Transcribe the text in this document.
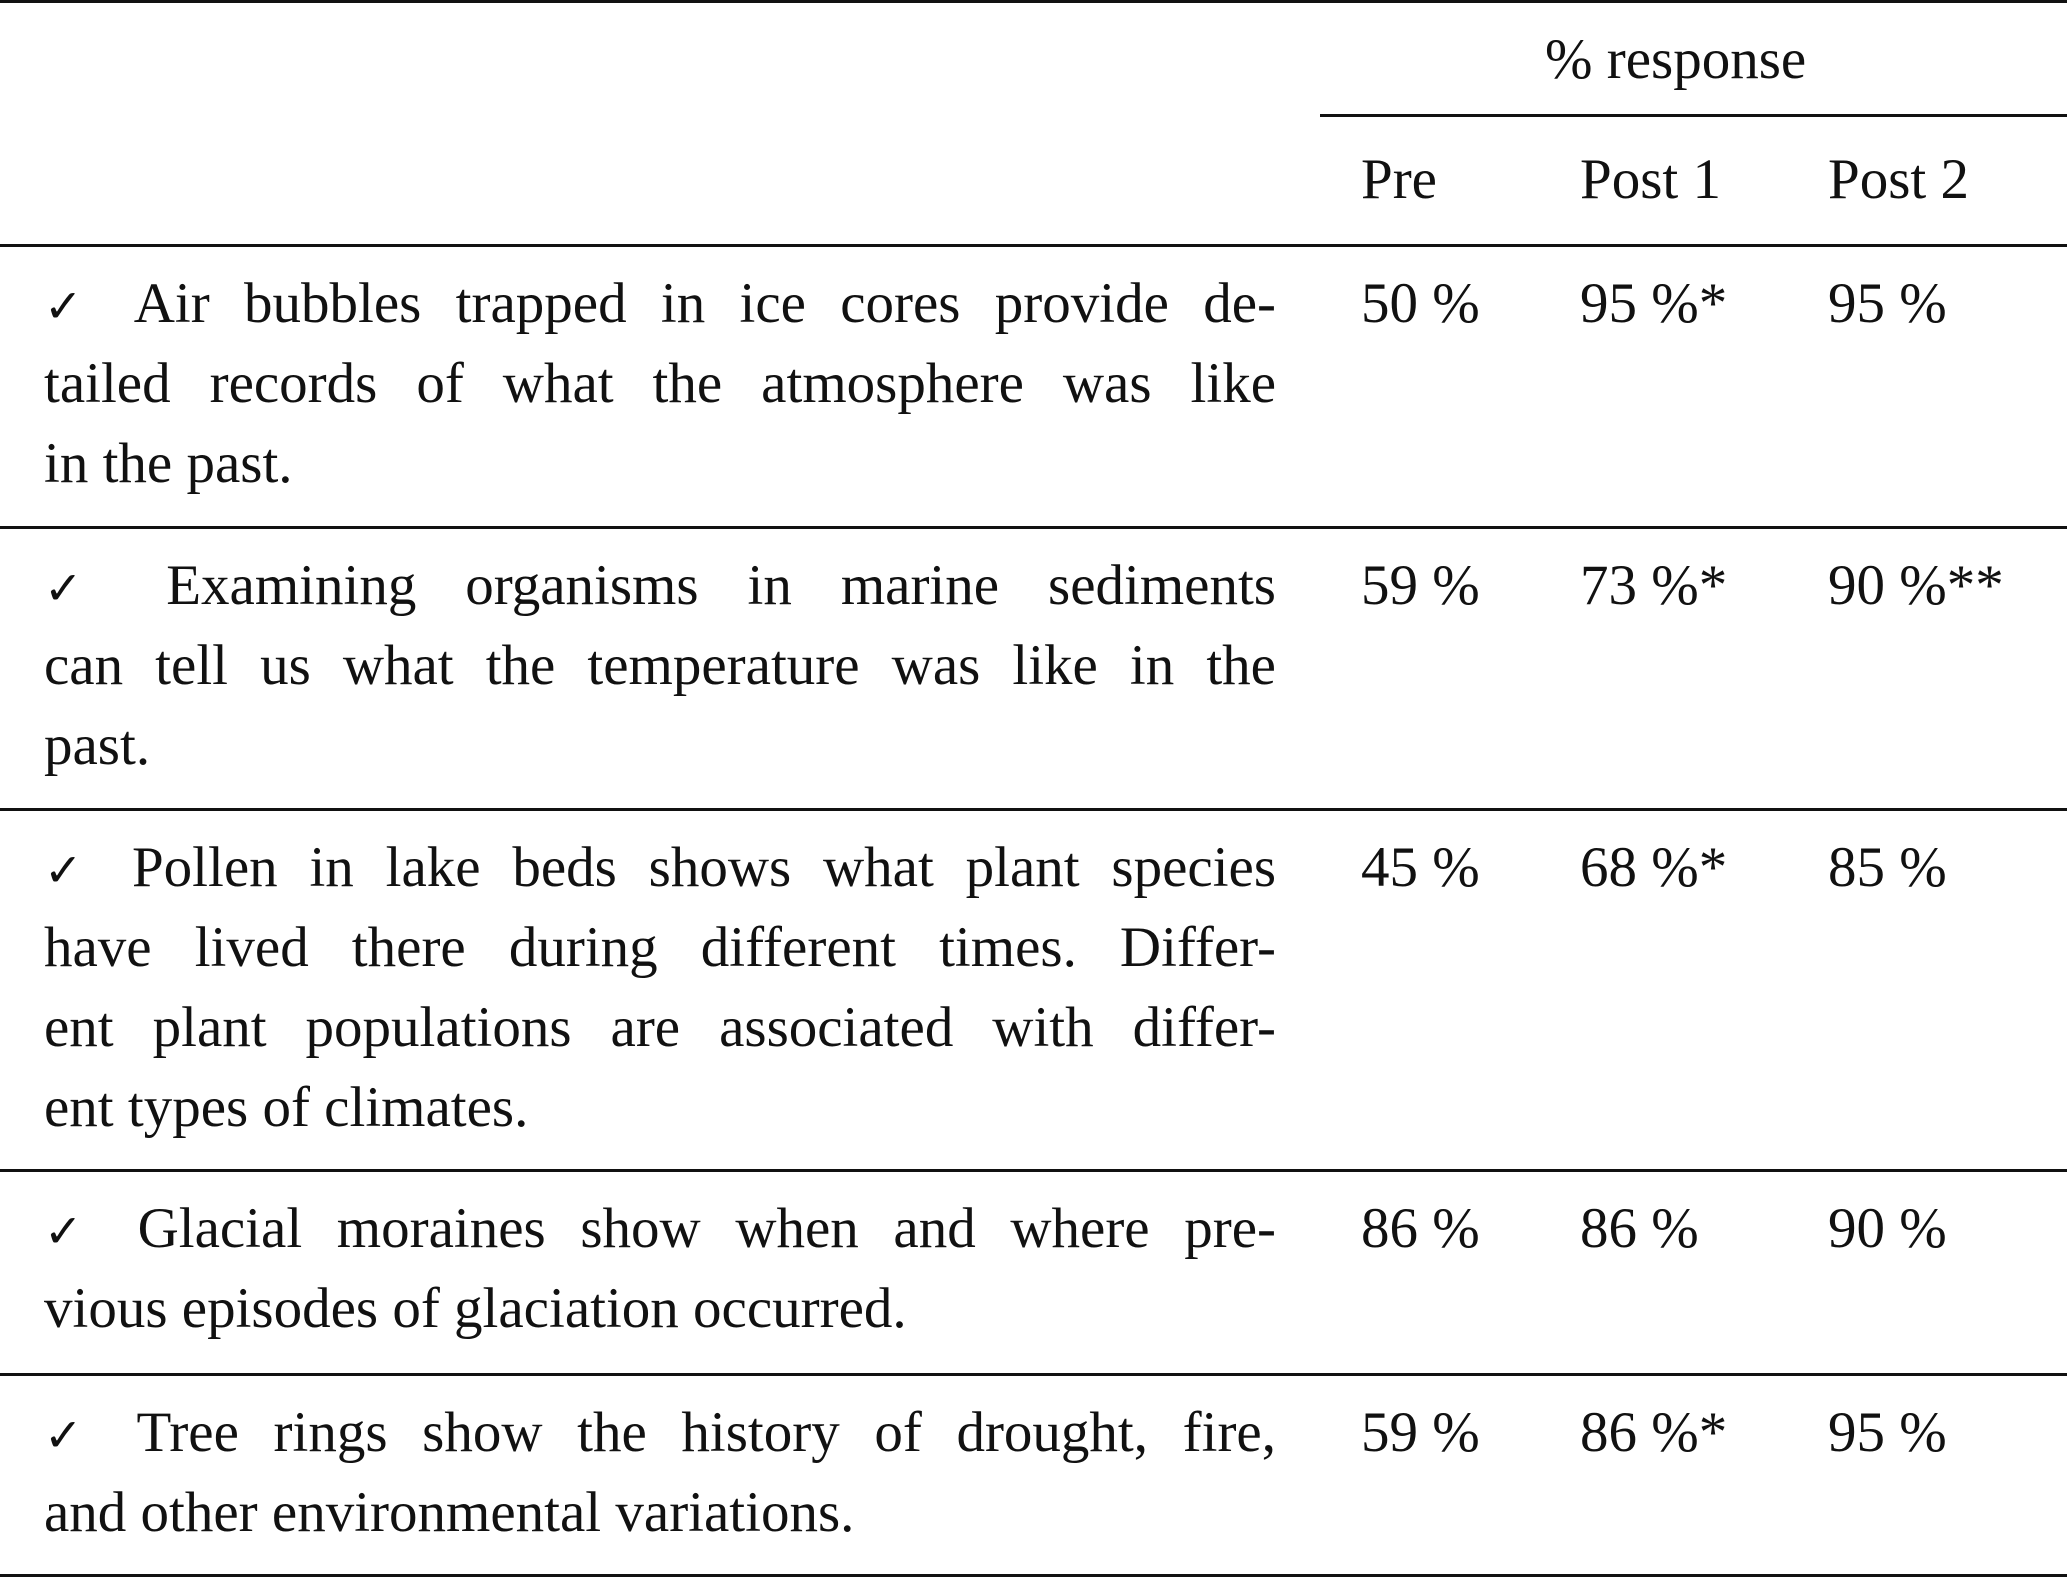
% response
Pre	Post 1 Post 2
✓ Air bubbles trapped in ice cores provide de-
tailed records of what the atmosphere was like
in the past.
50 % 95 %* 95 %
✓ Examining organisms in marine sediments
can tell us what the temperature was like in the
past.
59 % 73 %* 90 %**
✓ Pollen in lake beds shows what plant species
have lived there during different times. Differ-
ent plant populations are associated with differ-
ent types of climates.
45 % 68 %* 85 %
✓ Glacial moraines show when and where pre-
vious episodes of glaciation occurred.
86 % 86 % 90 %
✓ Tree rings show the history of drought, fire,
and other environmental variations.
59 % 86 %* 95 %
